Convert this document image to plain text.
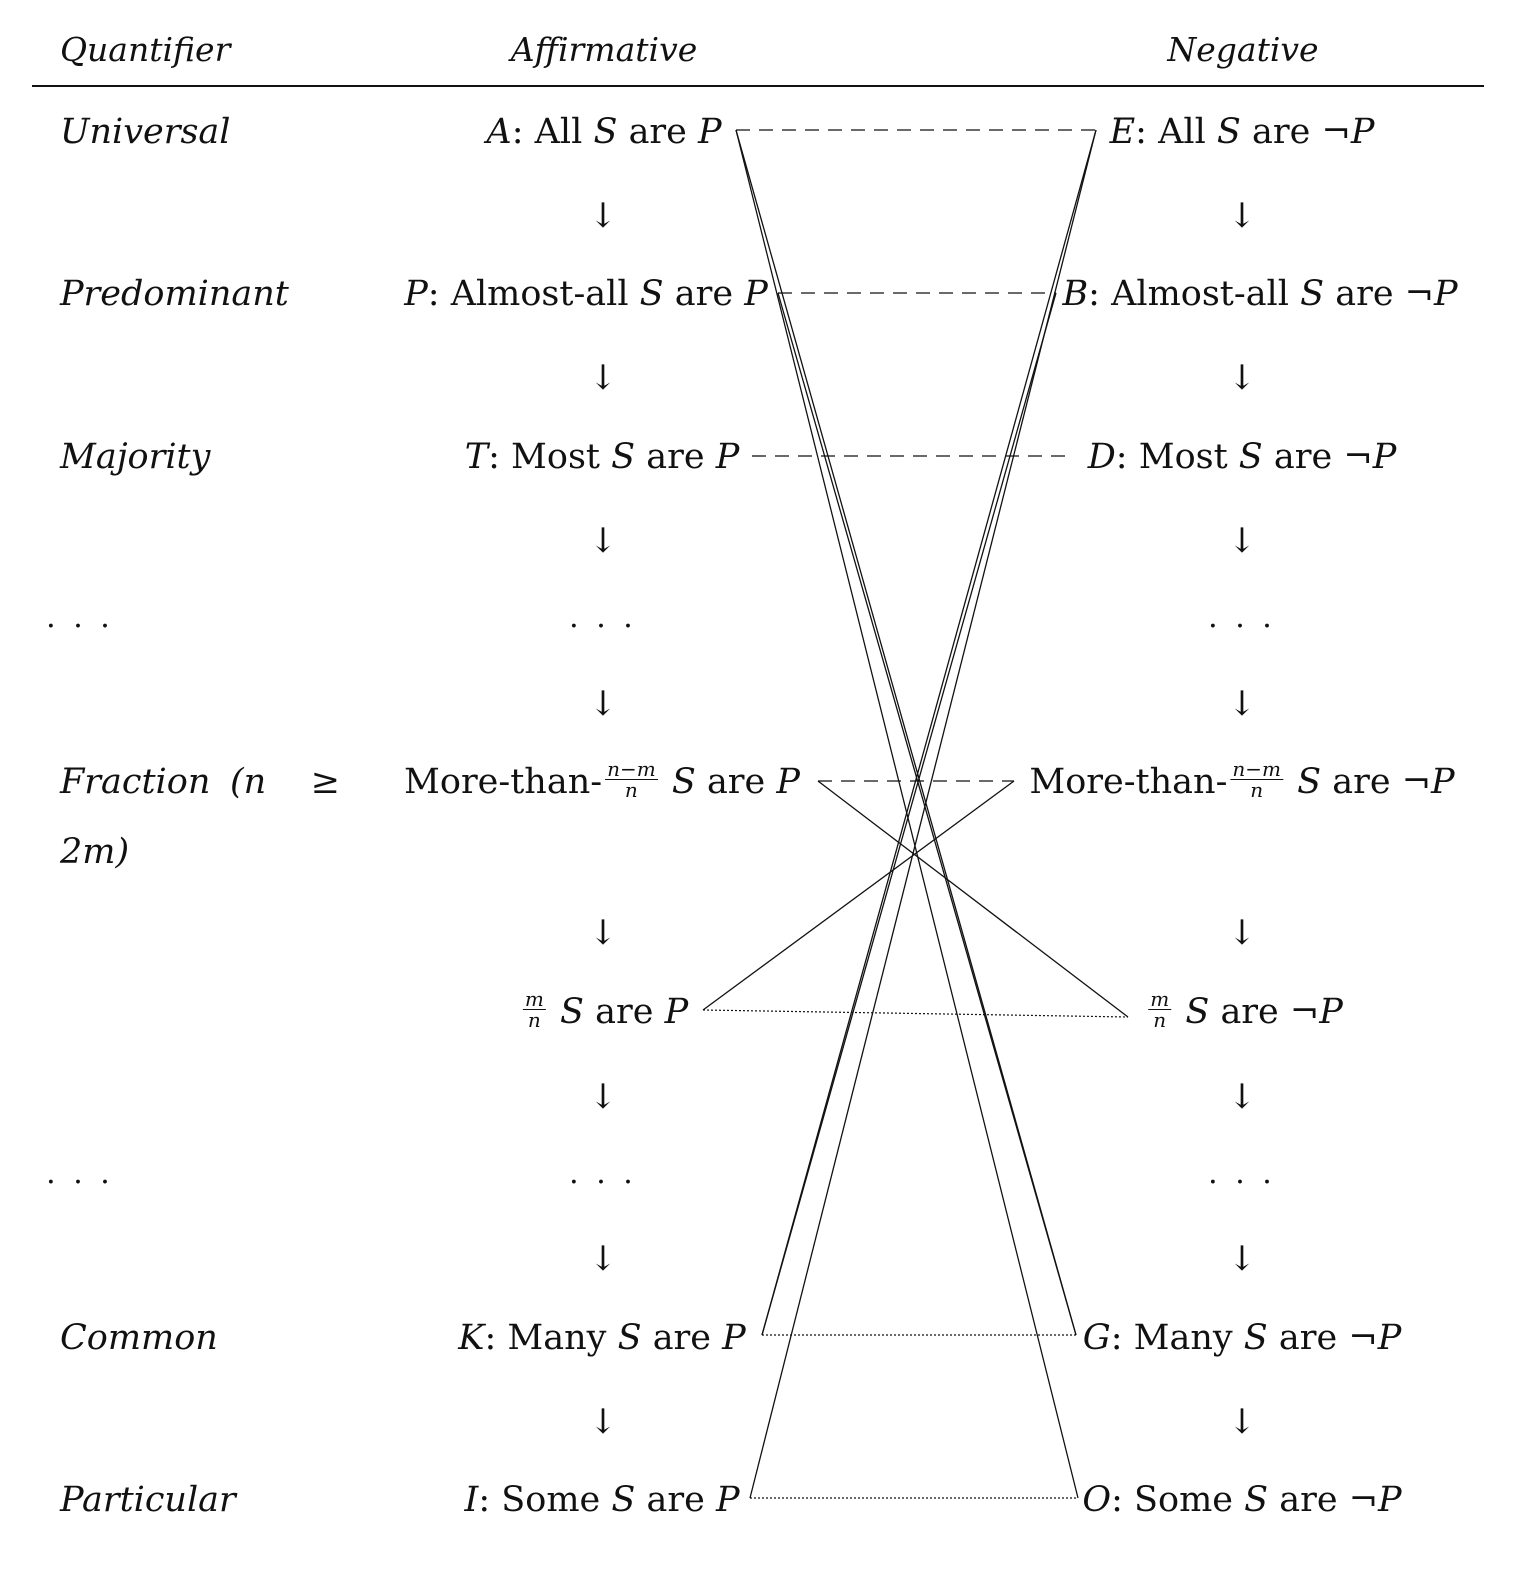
Quantifier	Affirmative	Negative
Universal
Predominant
Majority
· · ·
Fraction (n    ≥
2m)
· · ·
Common
Particular
A: All S are P
P: Almost-all S are P
T: Most S are P
More-than- $\frac{n-m}{n}$ S are P
$\frac{m}{n}$ S are P
K: Many S are P
I: Some S are P
E: All S are ¬P
B: Almost-all S are ¬P
D: Most S are ¬P
More-than- $\frac{n-m}{n}$ S are ¬P
$\frac{m}{n}$ S are ¬P
G: Many S are ¬P
O: Some S are ¬P
↓
↓
↓
· · ·
↓
↓
↓
· · ·
↓
↓
↓
↓
↓
· · ·
↓
↓
↓
· · ·
↓
↓
